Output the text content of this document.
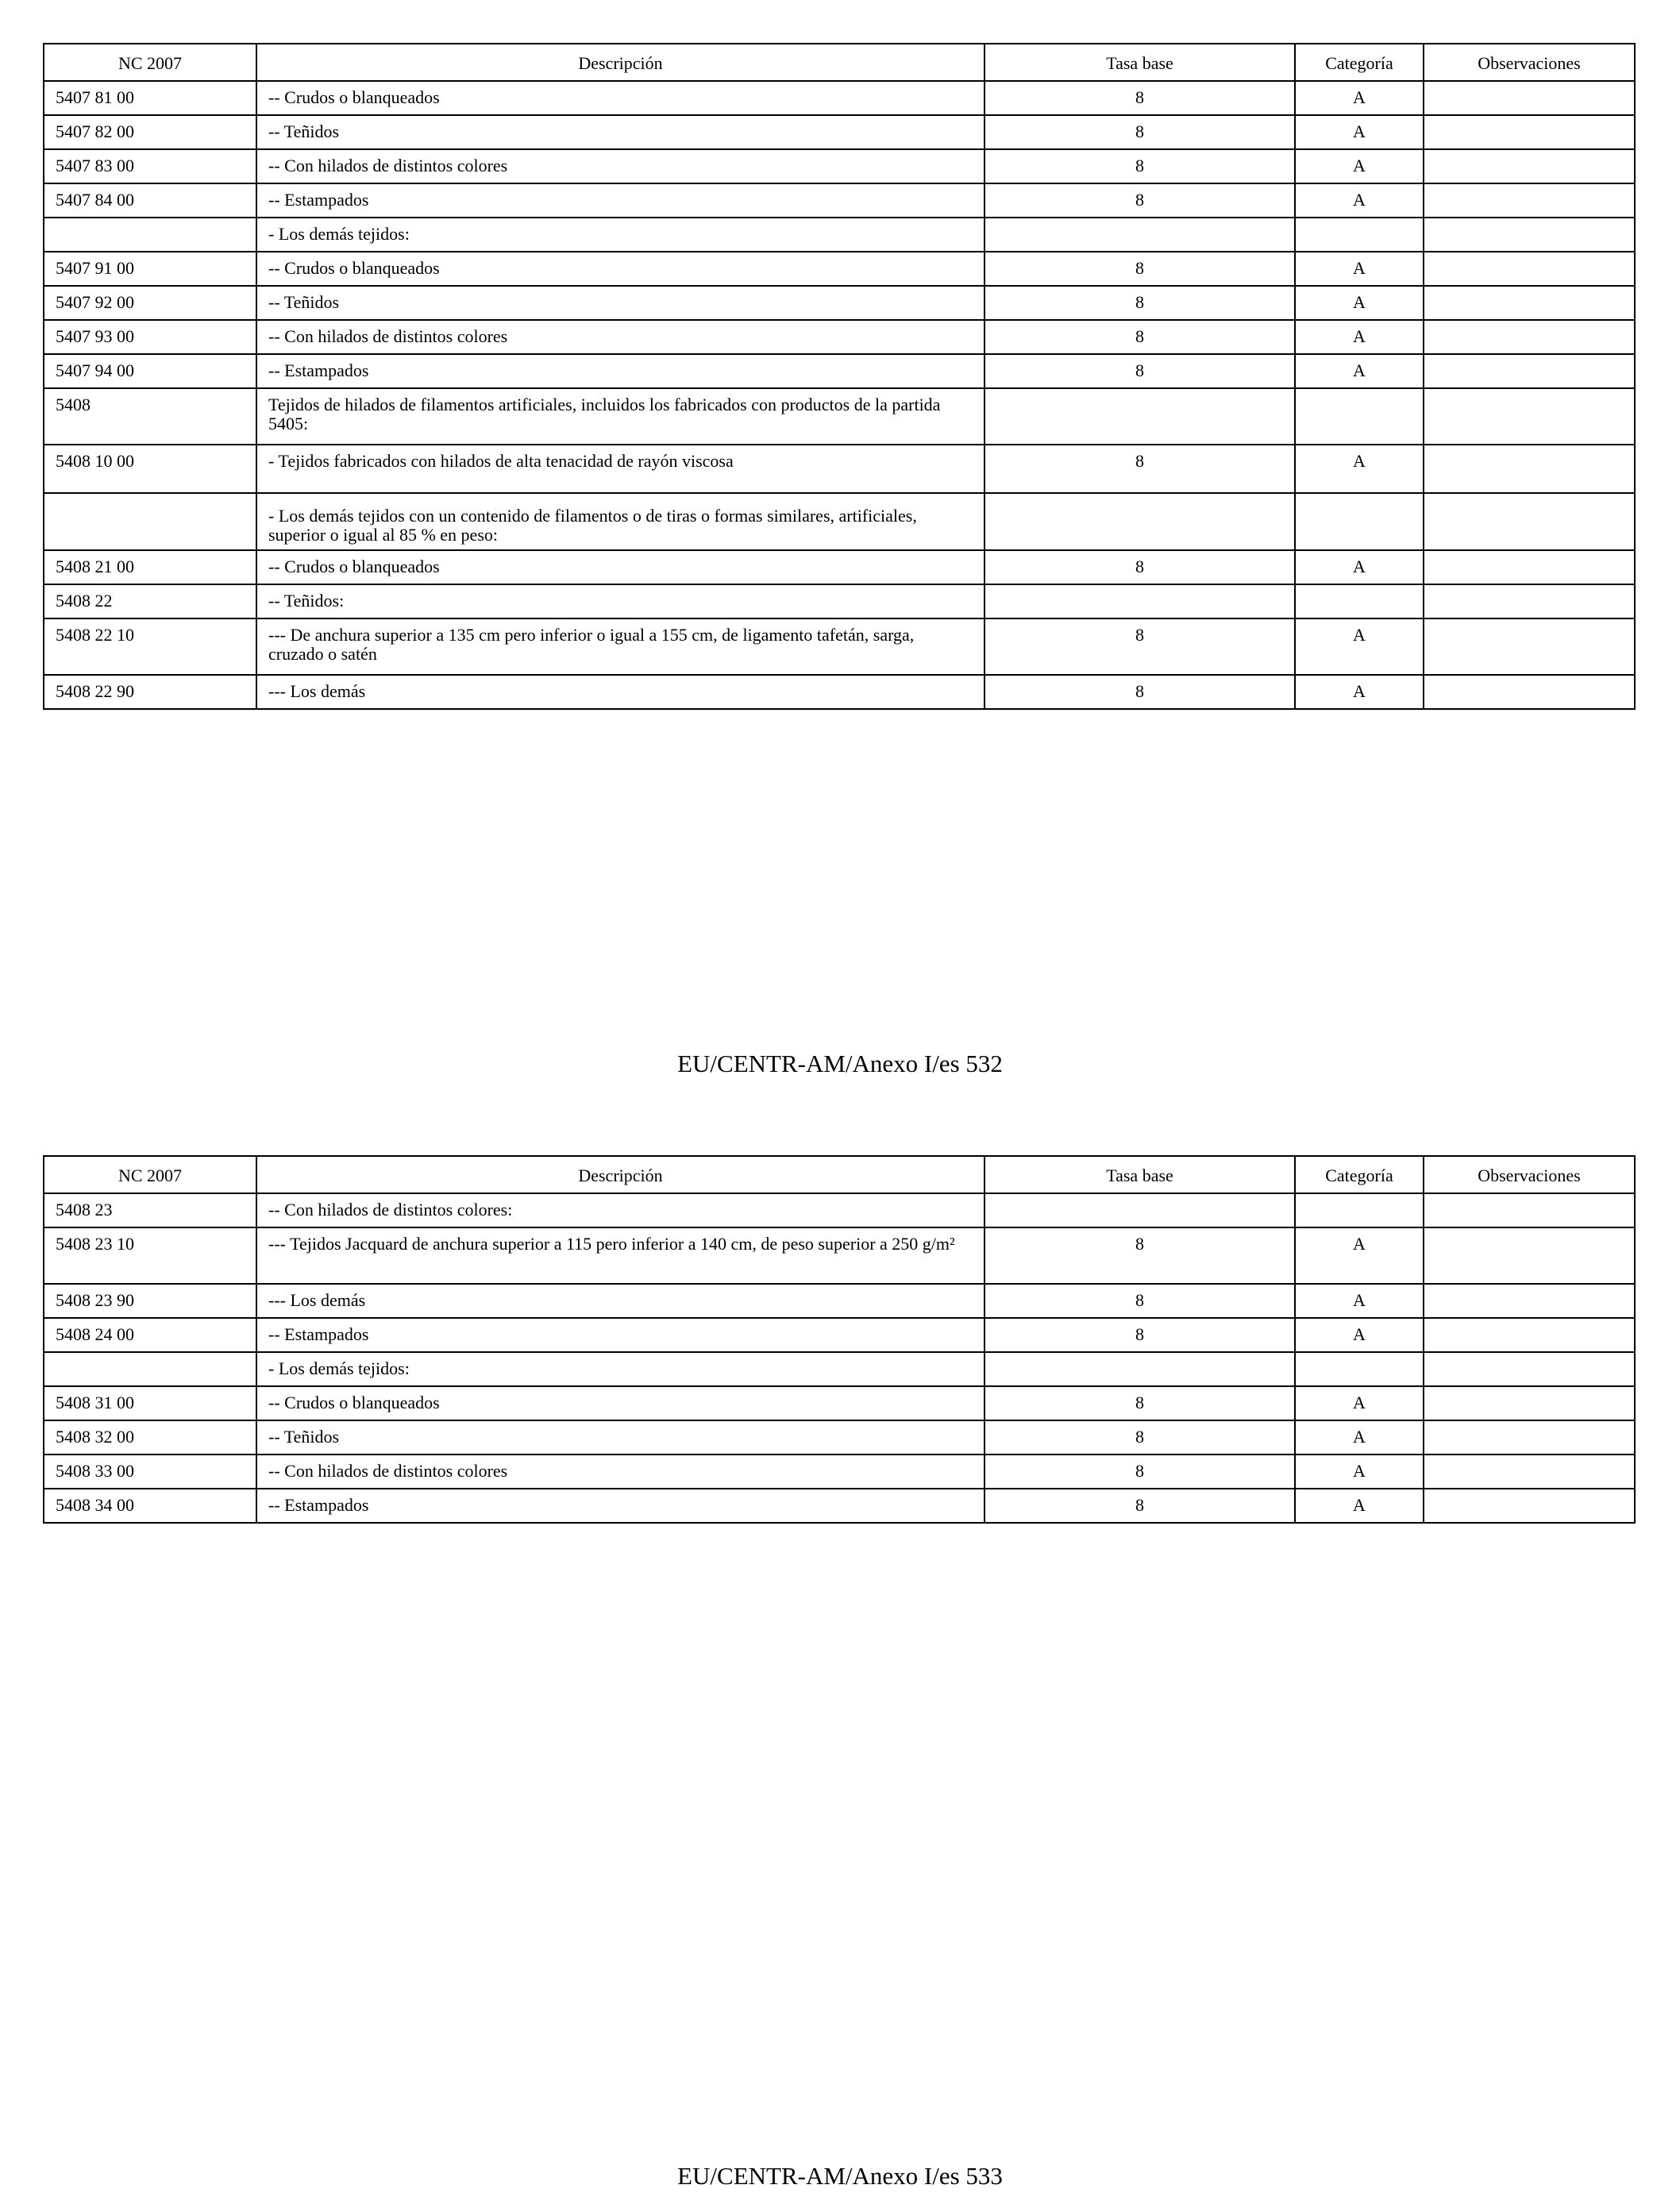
NC 2007	Descripción	Tasa base	Categoría	Observaciones
5407 81 00	-- Crudos o blanqueados	8	A	
5407 82 00	-- Teñidos	8	A	
5407 83 00	-- Con hilados de distintos colores	8	A	
5407 84 00	-- Estampados	8	A	
	- Los demás tejidos:			
5407 91 00	-- Crudos o blanqueados	8	A	
5407 92 00	-- Teñidos	8	A	
5407 93 00	-- Con hilados de distintos colores	8	A	
5407 94 00	-- Estampados	8	A	
5408	Tejidos de hilados de filamentos artificiales, incluidos los fabricados con productos de la partida 5405:			
5408 10 00	- Tejidos fabricados con hilados de alta tenacidad de rayón viscosa	8	A	
	- Los demás tejidos con un contenido de filamentos o de tiras o formas similares, artificiales, superior o igual al 85 % en peso:			
5408 21 00	-- Crudos o blanqueados	8	A	
5408 22	-- Teñidos:			
5408 22 10	--- De anchura superior a 135 cm pero inferior o igual a 155 cm, de ligamento tafetán, sarga, cruzado o satén	8	A	
5408 22 90	--- Los demás	8	A	
EU/CENTR-AM/Anexo I/es 532
NC 2007	Descripción	Tasa base	Categoría	Observaciones
5408 23	-- Con hilados de distintos colores:			
5408 23 10	--- Tejidos Jacquard de anchura superior a 115 pero inferior a 140 cm, de peso superior a 250 g/m²	8	A	
5408 23 90	--- Los demás	8	A	
5408 24 00	-- Estampados	8	A	
	- Los demás tejidos:			
5408 31 00	-- Crudos o blanqueados	8	A	
5408 32 00	-- Teñidos	8	A	
5408 33 00	-- Con hilados de distintos colores	8	A	
5408 34 00	-- Estampados	8	A	
EU/CENTR-AM/Anexo I/es 533
